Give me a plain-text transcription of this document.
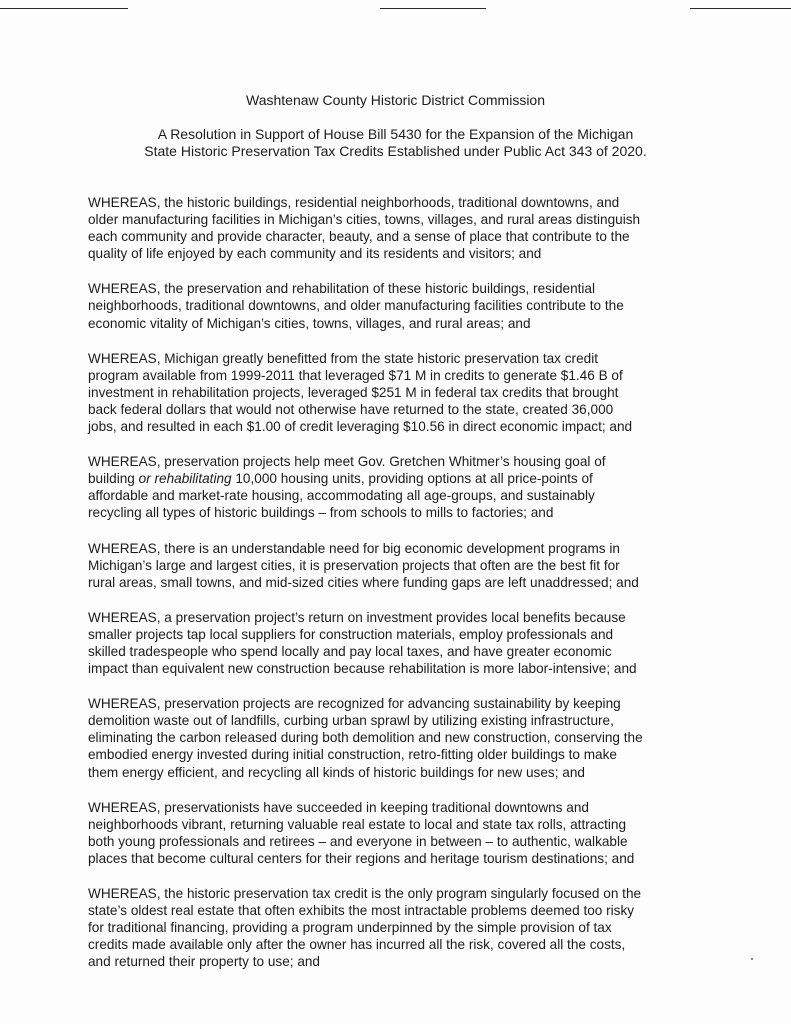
Washtenaw County Historic District Commission
A Resolution in Support of House Bill 5430 for the Expansion of the Michigan
State Historic Preservation Tax Credits Established under Public Act 343 of 2020.

WHEREAS, the historic buildings, residential neighborhoods, traditional downtowns, and
older manufacturing facilities in Michigan’s cities, towns, villages, and rural areas distinguish
each community and provide character, beauty, and a sense of place that contribute to the
quality of life enjoyed by each community and its residents and visitors; and

WHEREAS, the preservation and rehabilitation of these historic buildings, residential
neighborhoods, traditional downtowns, and older manufacturing facilities contribute to the
economic vitality of Michigan’s cities, towns, villages, and rural areas; and

WHEREAS, Michigan greatly benefitted from the state historic preservation tax credit
program available from 1999-2011 that leveraged $71 M in credits to generate $1.46 B of
investment in rehabilitation projects, leveraged $251 M in federal tax credits that brought
back federal dollars that would not otherwise have returned to the state, created 36,000
jobs, and resulted in each $1.00 of credit leveraging $10.56 in direct economic impact; and

WHEREAS, preservation projects help meet Gov. Gretchen Whitmer’s housing goal of
building or rehabilitating 10,000 housing units, providing options at all price-points of
affordable and market-rate housing, accommodating all age-groups, and sustainably
recycling all types of historic buildings – from schools to mills to factories; and

WHEREAS, there is an understandable need for big economic development programs in
Michigan’s large and largest cities, it is preservation projects that often are the best fit for
rural areas, small towns, and mid-sized cities where funding gaps are left unaddressed; and

WHEREAS, a preservation project’s return on investment provides local benefits because
smaller projects tap local suppliers for construction materials, employ professionals and
skilled tradespeople who spend locally and pay local taxes, and have greater economic
impact than equivalent new construction because rehabilitation is more labor-intensive; and

WHEREAS, preservation projects are recognized for advancing sustainability by keeping
demolition waste out of landfills, curbing urban sprawl by utilizing existing infrastructure,
eliminating the carbon released during both demolition and new construction, conserving the
embodied energy invested during initial construction, retro-fitting older buildings to make
them energy efficient, and recycling all kinds of historic buildings for new uses; and

WHEREAS, preservationists have succeeded in keeping traditional downtowns and
neighborhoods vibrant, returning valuable real estate to local and state tax rolls, attracting
both young professionals and retirees – and everyone in between – to authentic, walkable
places that become cultural centers for their regions and heritage tourism destinations; and

WHEREAS, the historic preservation tax credit is the only program singularly focused on the
state’s oldest real estate that often exhibits the most intractable problems deemed too risky
for traditional financing, providing a program underpinned by the simple provision of tax
credits made available only after the owner has incurred all the risk, covered all the costs,
and returned their property to use; and
